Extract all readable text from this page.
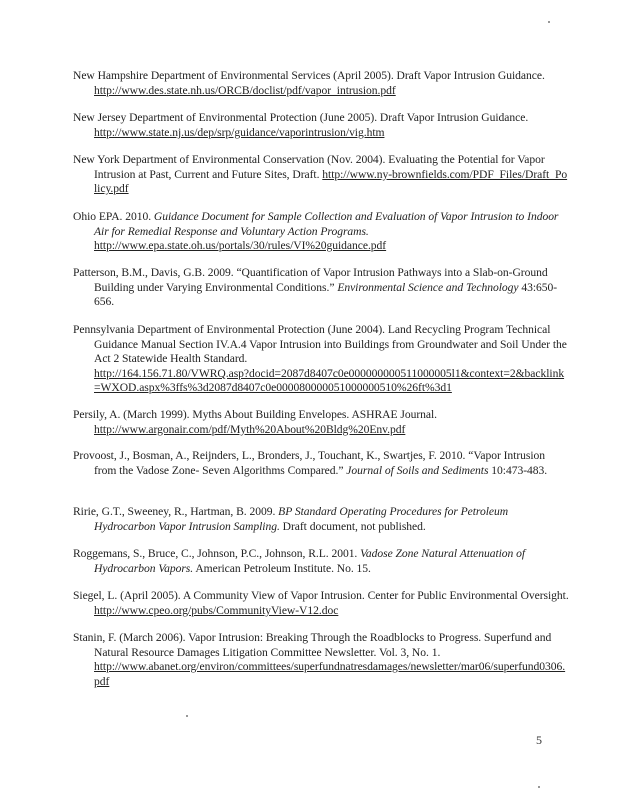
New Hampshire Department of Environmental Services (April 2005). Draft Vapor Intrusion Guidance. http://www.des.state.nh.us/ORCB/doclist/pdf/vapor_intrusion.pdf
New Jersey Department of Environmental Protection (June 2005). Draft Vapor Intrusion Guidance. http://www.state.nj.us/dep/srp/guidance/vaporintrusion/vig.htm
New York Department of Environmental Conservation (Nov. 2004). Evaluating the Potential for Vapor Intrusion at Past, Current and Future Sites, Draft. http://www.ny-brownfields.com/PDF_Files/Draft_Policy.pdf
Ohio EPA. 2010. Guidance Document for Sample Collection and Evaluation of Vapor Intrusion to Indoor Air for Remedial Response and Voluntary Action Programs.
http://www.epa.state.oh.us/portals/30/rules/VI%20guidance.pdf
Patterson, B.M., Davis, G.B. 2009. “Quantification of Vapor Intrusion Pathways into a Slab-on-Ground Building under Varying Environmental Conditions.” Environmental Science and Technology 43:650-656.
Pennsylvania Department of Environmental Protection (June 2004). Land Recycling Program Technical Guidance Manual Section IV.A.4 Vapor Intrusion into Buildings from Groundwater and Soil Under the Act 2 Statewide Health Standard.
http://164.156.71.80/VWRQ.asp?docid=2087d8407c0e000000000511000005l1&context=2&backlink=WXOD.aspx%3ffs%3d2087d8407c0e000080000051000000510%26ft%3d1
Persily, A. (March 1999). Myths About Building Envelopes. ASHRAE Journal. http://www.argonair.com/pdf/Myth%20About%20Bldg%20Env.pdf
Provoost, J., Bosman, A., Reijnders, L., Bronders, J., Touchant, K., Swartjes, F. 2010. “Vapor Intrusion from the Vadose Zone- Seven Algorithms Compared.” Journal of Soils and Sediments 10:473-483.
Ririe, G.T., Sweeney, R., Hartman, B. 2009. BP Standard Operating Procedures for Petroleum Hydrocarbon Vapor Intrusion Sampling. Draft document, not published.
Roggemans, S., Bruce, C., Johnson, P.C., Johnson, R.L. 2001. Vadose Zone Natural Attenuation of Hydrocarbon Vapors. American Petroleum Institute. No. 15.
Siegel, L. (April 2005). A Community View of Vapor Intrusion. Center for Public Environmental Oversight. http://www.cpeo.org/pubs/CommunityView-V12.doc
Stanin, F. (March 2006). Vapor Intrusion: Breaking Through the Roadblocks to Progress. Superfund and Natural Resource Damages Litigation Committee Newsletter. Vol. 3, No. 1.
http://www.abanet.org/environ/committees/superfundnatresdamages/newsletter/mar06/superfund0306.pdf
5
